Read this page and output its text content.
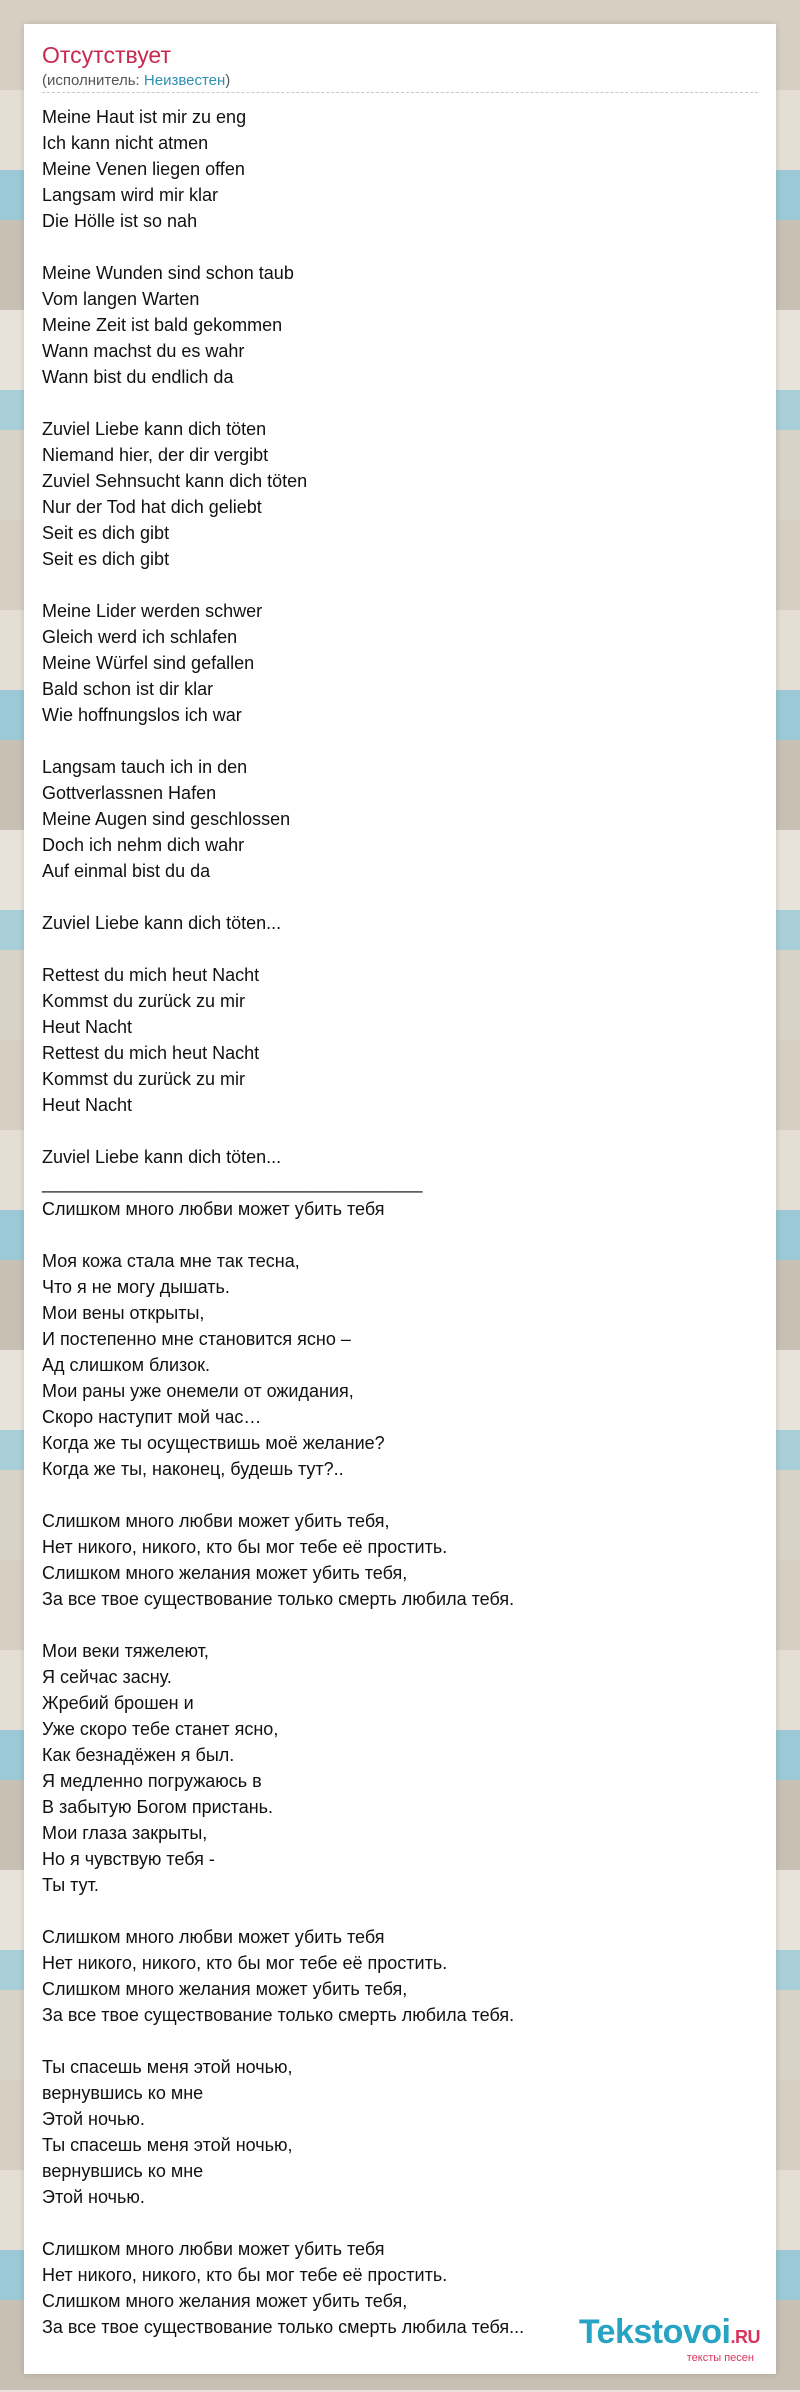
Отсутствует
(исполнитель: Неизвестен)
Meine Haut ist mir zu eng
Ich kann nicht atmen
Meine Venen liegen offen
Langsam wird mir klar
Die Hölle ist so nah

Meine Wunden sind schon taub
Vom langen Warten
Meine Zeit ist bald gekommen
Wann machst du es wahr
Wann bist du endlich da

Zuviel Liebe kann dich töten
Niemand hier, der dir vergibt
Zuviel Sehnsucht kann dich töten
Nur der Tod hat dich geliebt
Seit es dich gibt
Seit es dich gibt

Meine Lider werden schwer
Gleich werd ich schlafen
Meine Würfel sind gefallen
Bald schon ist dir klar
Wie hoffnungslos ich war

Langsam tauch ich in den
Gottverlassnen Hafen
Meine Augen sind geschlossen
Doch ich nehm dich wahr
Auf einmal bist du da

Zuviel Liebe kann dich töten...

Rettest du mich heut Nacht
Kommst du zurück zu mir
Heut Nacht
Rettest du mich heut Nacht
Kommst du zurück zu mir
Heut Nacht

Zuviel Liebe kann dich töten...
______________________________________
Слишком много любви может убить тебя

Моя кожа стала мне так тесна,
Что я не могу дышать.
Мои вены открыты,
И постепенно мне становится ясно –
Ад слишком близок.
Мои раны уже онемели от ожидания,
Скоро наступит мой час…
Когда же ты осуществишь моё желание?
Когда же ты, наконец, будешь тут?..

Слишком много любви может убить тебя,
Нет никого, никого, кто бы мог тебе её простить.
Слишком много желания может убить тебя,
За все твое существование только смерть любила тебя.

Мои веки тяжелеют,
Я сейчас засну.
Жребий брошен и
Уже скоро тебе станет ясно,
Как безнадёжен я был.
Я медленно погружаюсь в
В забытую Богом пристань.
Мои глаза закрыты,
Но я чувствую тебя -
Ты тут.

Слишком много любви может убить тебя
Нет никого, никого, кто бы мог тебе её простить.
Слишком много желания может убить тебя,
За все твое существование только смерть любила тебя.

Ты спасешь меня этой ночью,
вернувшись ко мне
Этой ночью.
Ты спасешь меня этой ночью,
вернувшись ко мне
Этой ночью.

Слишком много любви может убить тебя
Нет никого, никого, кто бы мог тебе её простить.
Слишком много желания может убить тебя,
За все твое существование только смерть любила тебя...	Tekstovoi.RU
тексты песен
